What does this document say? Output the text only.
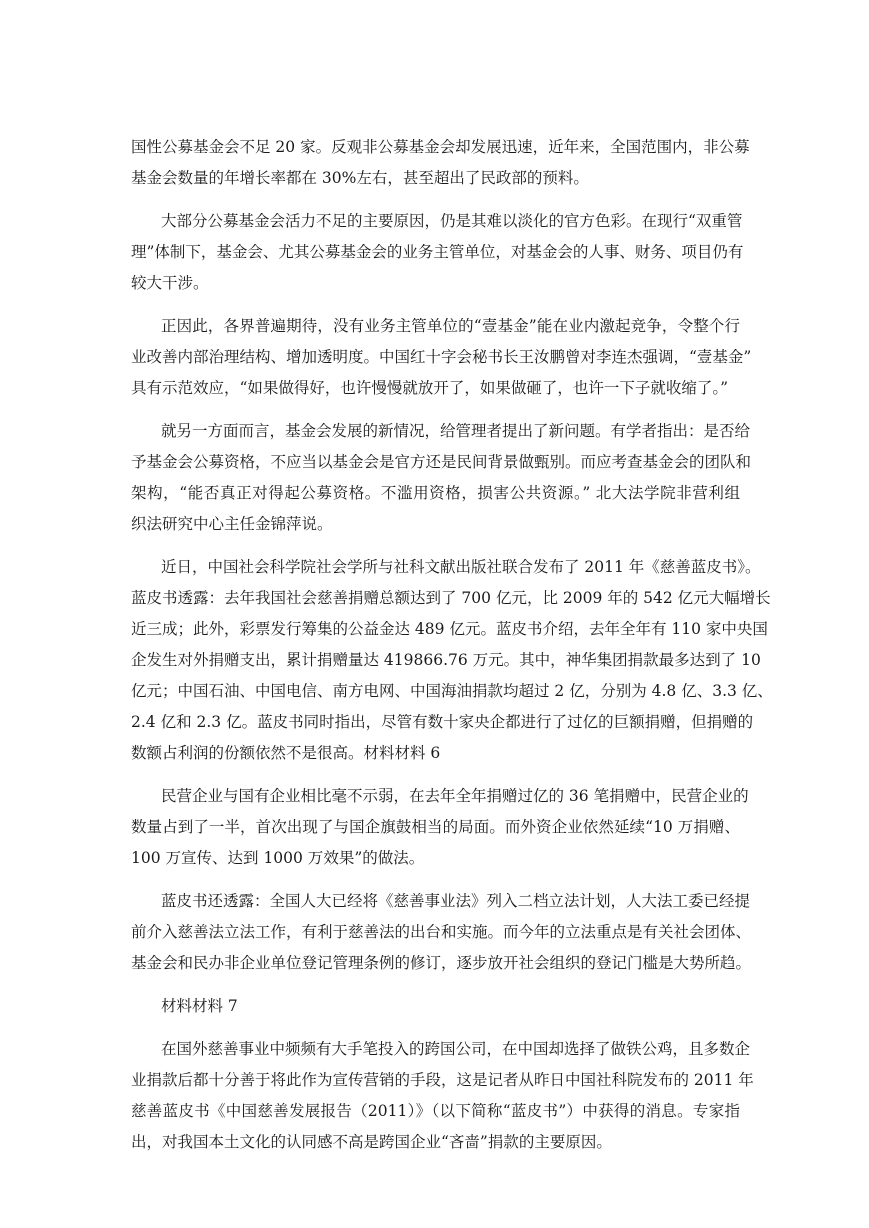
国性公募基金会不足 20 家。反观非公募基金会却发展迅速，近年来，全国范围内，非公募
基金会数量的年增长率都在 30%左右，甚至超出了民政部的预料。
大部分公募基金会活力不足的主要原因，仍是其难以淡化的官方色彩。在现行“双重管
理”体制下，基金会、尤其公募基金会的业务主管单位，对基金会的人事、财务、项目仍有
较大干涉。
正因此，各界普遍期待，没有业务主管单位的“壹基金”能在业内激起竞争，令整个行
业改善内部治理结构、增加透明度。中国红十字会秘书长王汝鹏曾对李连杰强调，“壹基金”
具有示范效应，“如果做得好，也许慢慢就放开了，如果做砸了，也许一下子就收缩了。”
就另一方面而言，基金会发展的新情况，给管理者提出了新问题。有学者指出：是否给
予基金会公募资格，不应当以基金会是官方还是民间背景做甄别。而应考查基金会的团队和
架构，“能否真正对得起公募资格。不滥用资格，损害公共资源。” 北大法学院非营利组
织法研究中心主任金锦萍说。
近日，中国社会科学院社会学所与社科文献出版社联合发布了 2011 年《慈善蓝皮书》。
蓝皮书透露：去年我国社会慈善捐赠总额达到了 700 亿元，比 2009 年的 542 亿元大幅增长
近三成；此外，彩票发行筹集的公益金达 489 亿元。蓝皮书介绍，去年全年有 110 家中央国
企发生对外捐赠支出，累计捐赠量达 419866.76 万元。其中，神华集团捐款最多达到了 10
亿元；中国石油、中国电信、南方电网、中国海油捐款均超过 2 亿，分别为 4.8 亿、3.3 亿、
2.4 亿和 2.3 亿。蓝皮书同时指出，尽管有数十家央企都进行了过亿的巨额捐赠，但捐赠的
数额占利润的份额依然不是很高。材料材料 6
民营企业与国有企业相比毫不示弱，在去年全年捐赠过亿的 36 笔捐赠中，民营企业的
数量占到了一半，首次出现了与国企旗鼓相当的局面。而外资企业依然延续“10 万捐赠、
100 万宣传、达到 1000 万效果”的做法。
蓝皮书还透露：全国人大已经将《慈善事业法》列入二档立法计划，人大法工委已经提
前介入慈善法立法工作，有利于慈善法的出台和实施。而今年的立法重点是有关社会团体、
基金会和民办非企业单位登记管理条例的修订，逐步放开社会组织的登记门槛是大势所趋。
材料材料 7
在国外慈善事业中频频有大手笔投入的跨国公司，在中国却选择了做铁公鸡，且多数企
业捐款后都十分善于将此作为宣传营销的手段，这是记者从昨日中国社科院发布的 2011 年
慈善蓝皮书《中国慈善发展报告（2011）》（以下简称“蓝皮书”）中获得的消息。专家指
出，对我国本土文化的认同感不高是跨国企业“吝啬”捐款的主要原因。
